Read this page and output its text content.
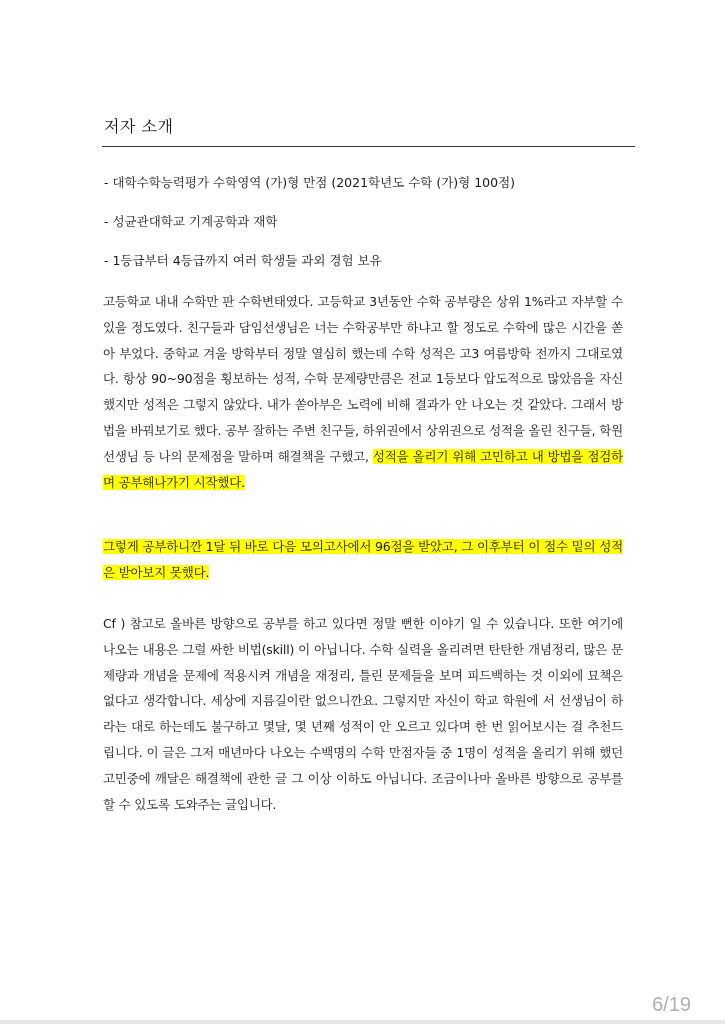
저자 소개
- 대학수학능력평가 수학영역 (가)형 만점 (2021학년도 수학 (가)형 100점)
- 성균관대학교 기계공학과 재학
- 1등급부터 4등급까지 여러 학생들 과외 경험 보유
고등학교 내내 수학만 판 수학변태였다. 고등학교 3년동안 수학 공부량은 상위 1%라고 자부할 수 있을 정도였다. 친구들과 담임선생님은 너는 수학공부만 하냐고 할 정도로 수학에 많은 시간을 쏟아 부었다. 중학교 겨울 방학부터 정말 열심히 했는데 수학 성적은 고3 여름방학 전까지 그대로였다. 항상 90~90점을 횡보하는 성적, 수학 문제량만큼은 전교 1등보다 압도적으로 많았음을 자신했지만 성적은 그렇지 않았다. 내가 쏟아부은 노력에 비해 결과가 안 나오는 것 같았다. 그래서 방법을 바꿔보기로 했다. 공부 잘하는 주변 친구들, 하위권에서 상위권으로 성적을 올린 친구들, 학원 선생님 등 나의 문제점을 말하며 해결책을 구했고, 성적을 올리기 위해 고민하고 내 방법을 점검하며 공부해나가기 시작했다.
그렇게 공부하니깐 1달 뒤 바로 다음 모의고사에서 96점을 받았고, 그 이후부터 이 점수 밑의 성적은 받아보지 못했다.
Cf ) 참고로 올바른 방향으로 공부를 하고 있다면 정말 뻔한 이야기 일 수 있습니다. 또한 여기에 나오는 내용은 그럴 싸한 비법(skill) 이 아닙니다. 수학 실력을 올리려면 탄탄한 개념정리, 많은 문제량과 개념을 문제에 적용시켜 개념을 재정리, 틀린 문제들을 보며 피드백하는 것 이외에 묘책은 없다고 생각합니다. 세상에 지름길이란 없으니깐요. 그렇지만 자신이 학교 학원에 서 선생님이 하라는 대로 하는데도 불구하고 몇달, 몇 년째 성적이 안 오르고 있다며 한 번 읽어보시는 걸 추천드립니다. 이 글은 그저 매년마다 나오는 수백명의 수학 만점자들 중 1명이 성적을 올리기 위해 했던 고민중에 깨달은 해결책에 관한 글 그 이상 이하도 아닙니다. 조금이나마 올바른 방향으로 공부를 할 수 있도록 도와주는 글입니다.
6/19
